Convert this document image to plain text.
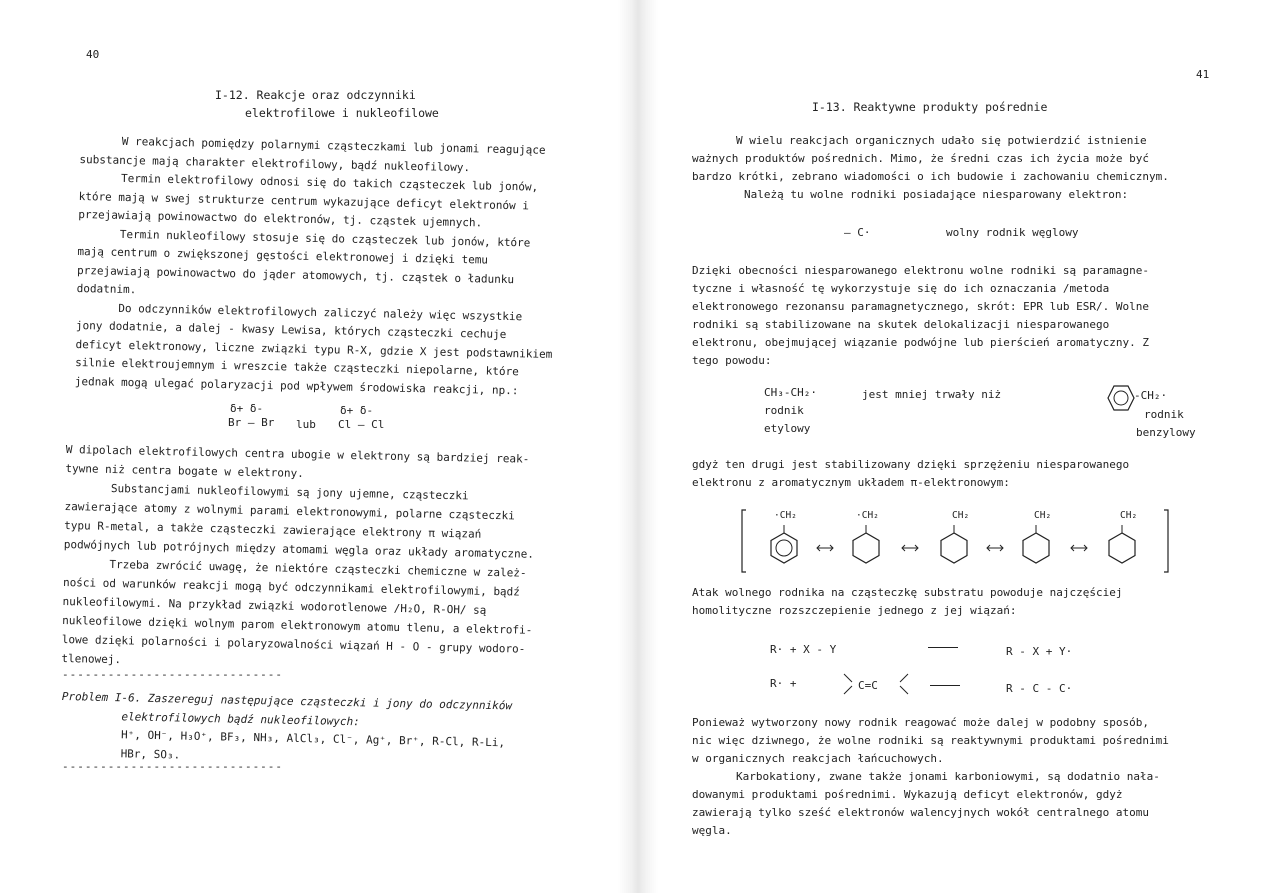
40
I-12. Reakcje oraz odczynniki
elektrofilowe i nukleofilowe
W reakcjach pomiędzy polarnymi cząsteczkami lub jonami reagujące
substancje mają charakter elektrofilowy, bądź nukleofilowy.
Termin elektrofilowy odnosi się do takich cząsteczek lub jonów,
które mają w swej strukturze centrum wykazujące deficyt elektronów i
przejawiają powinowactwo do elektronów, tj. cząstek ujemnych.
Termin nukleofilowy stosuje się do cząsteczek lub jonów, które
mają centrum o zwiększonej gęstości elektronowej i dzięki temu
przejawiają powinowactwo do jąder atomowych, tj. cząstek o ładunku
dodatnim.
Do odczynników elektrofilowych zaliczyć należy więc wszystkie
jony dodatnie, a dalej - kwasy Lewisa, których cząsteczki cechuje
deficyt elektronowy, liczne związki typu R-X, gdzie X jest podstawnikiem
silnie elektroujemnym i wreszcie także cząsteczki niepolarne, które
jednak mogą ulegać polaryzacji pod wpływem środowiska reakcji, np.:
δ+ δ-
Br — Br lub
δ+ δ-
Cl — Cl
W dipolach elektrofilowych centra ubogie w elektrony są bardziej reak-
tywne niż centra bogate w elektrony.
Substancjami nukleofilowymi są jony ujemne, cząsteczki
zawierające atomy z wolnymi parami elektronowymi, polarne cząsteczki
typu R-metal, a także cząsteczki zawierające elektrony π wiązań
podwójnych lub potrójnych między atomami węgla oraz układy aromatyczne.
Trzeba zwrócić uwagę, że niektóre cząsteczki chemiczne w zależ-
ności od warunków reakcji mogą być odczynnikami elektrofilowymi, bądź
nukleofilowymi. Na przykład związki wodorotlenowe /H₂O, R-OH/ są
nukleofilowe dzięki wolnym parom elektronowym atomu tlenu, a elektrofi-
lowe dzięki polarności i polaryzowalności wiązań H - O - grupy wodoro-
tlenowej.
-----------------------------
Problem I-6. Zaszereguj następujące cząsteczki i jony do odczynników
elektrofilowych bądź nukleofilowych:
H⁺, OH⁻, H₃O⁺, BF₃, NH₃, AlCl₃, Cl⁻, Ag⁺, Br⁺, R-Cl, R-Li,
HBr, SO₃.
-----------------------------
41
I-13. Reaktywne produkty pośrednie
W wielu reakcjach organicznych udało się potwierdzić istnienie
ważnych produktów pośrednich. Mimo, że średni czas ich życia może być
bardzo krótki, zebrano wiadomości o ich budowie i zachowaniu chemicznym.
Należą tu wolne rodniki posiadające niesparowany elektron:
— C·	wolny rodnik węglowy
Dzięki obecności niesparowanego elektronu wolne rodniki są paramagne-
tyczne i własność tę wykorzystuje się do ich oznaczania /metoda
elektronowego rezonansu paramagnetycznego, skrót: EPR lub ESR/. Wolne
rodniki są stabilizowane na skutek delokalizacji niesparowanego
elektronu, obejmującej wiązanie podwójne lub pierścień aromatyczny. Z
tego powodu:
CH₃-CH₂·
rodnik
etylowy
jest mniej trwały niż	-CH₂·
rodnik
benzylowy
gdyż ten drugi jest stabilizowany dzięki sprzężeniu niesparowanego
elektronu z aromatycznym układem π-elektronowym:
·CH₂	·CH₂	CH₂	CH₂	CH₂
Atak wolnego rodnika na cząsteczkę substratu powoduje najczęściej
homolityczne rozszczepienie jednego z jej wiązań:
R· + X - Y	R - X + Y·
R· +	C=C	R - C - C·
Ponieważ wytworzony nowy rodnik reagować może dalej w podobny sposób,
nic więc dziwnego, że wolne rodniki są reaktywnymi produktami pośrednimi
w organicznych reakcjach łańcuchowych.
Karbokationy, zwane także jonami karboniowymi, są dodatnio nała-
dowanymi produktami pośrednimi. Wykazują deficyt elektronów, gdyż
zawierają tylko sześć elektronów walencyjnych wokół centralnego atomu
węgla.
